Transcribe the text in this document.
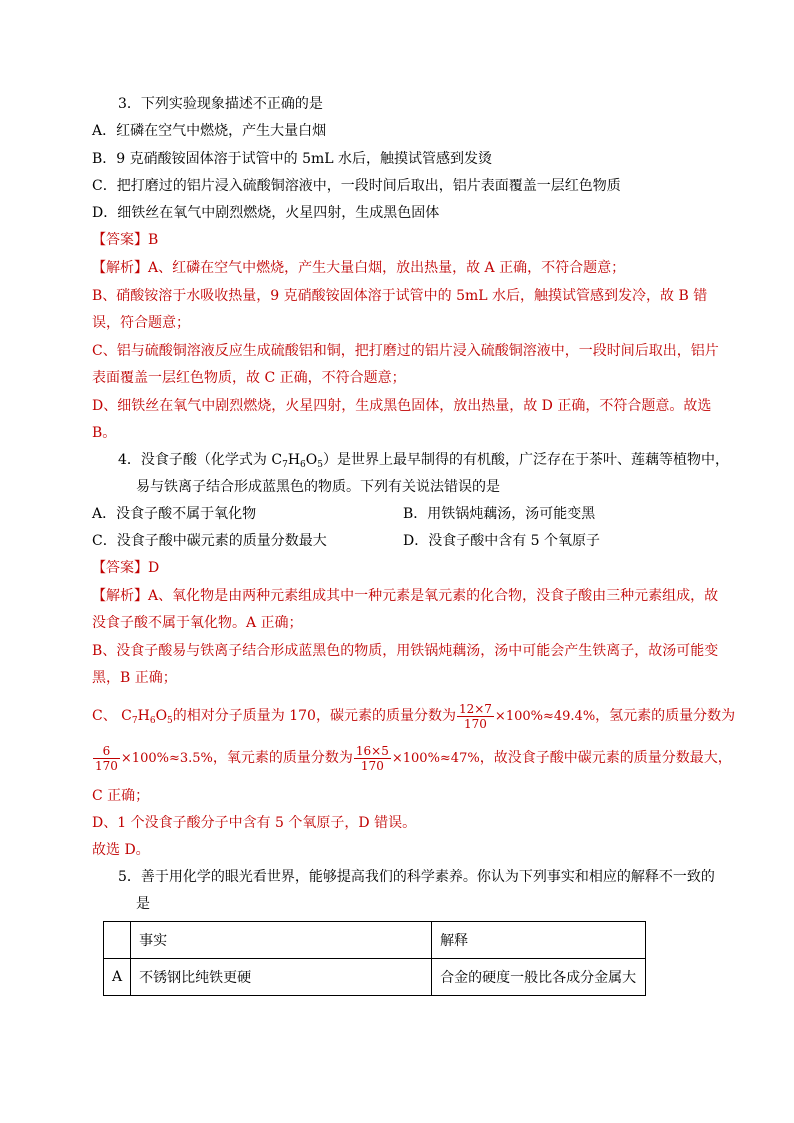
3．下列实验现象描述不正确的是
A．红磷在空气中燃烧，产生大量白烟
B．9 克硝酸铵固体溶于试管中的 5mL 水后，触摸试管感到发烫
C．把打磨过的铝片浸入硫酸铜溶液中，一段时间后取出，铝片表面覆盖一层红色物质
D．细铁丝在氧气中剧烈燃烧，火星四射，生成黑色固体
【答案】B
【解析】A、红磷在空气中燃烧，产生大量白烟，放出热量，故 A 正确，不符合题意；
B、硝酸铵溶于水吸收热量，9 克硝酸铵固体溶于试管中的 5mL 水后，触摸试管感到发冷，故 B 错
误，符合题意；
C、铝与硫酸铜溶液反应生成硫酸铝和铜，把打磨过的铝片浸入硫酸铜溶液中，一段时间后取出，铝片
表面覆盖一层红色物质，故 C 正确，不符合题意；
D、细铁丝在氧气中剧烈燃烧，火星四射，生成黑色固体，放出热量，故 D 正确，不符合题意。故选
B。
4．没食子酸（化学式为 $C_7H_6O_5$）是世界上最早制得的有机酸，广泛存在于茶叶、莲藕等植物中，
易与铁离子结合形成蓝黑色的物质。下列有关说法错误的是
A．没食子酸不属于氧化物	B．用铁锅炖藕汤，汤可能变黑
C．没食子酸中碳元素的质量分数最大	D．没食子酸中含有 5 个氧原子
【答案】D
【解析】A、氧化物是由两种元素组成其中一种元素是氧元素的化合物，没食子酸由三种元素组成，故
没食子酸不属于氧化物。A 正确；
B、没食子酸易与铁离子结合形成蓝黑色的物质，用铁锅炖藕汤，汤中可能会产生铁离子，故汤可能变
黑，B 正确；
C、 $C_7H_6O_5$的相对分子质量为 170，碳元素的质量分数为 $\frac{12\times 7}{170} \times 100\%\approx 49.4\%$，氢元素的质量分数为
$\frac{6}{170} \times 100\%\approx 3.5\%$，氧元素的质量分数为 $\frac{16\times 5}{170} \times 100\%\approx 47\%$，故没食子酸中碳元素的质量分数最大，
C 正确；
D、1 个没食子酸分子中含有 5 个氧原子，D 错误。
故选 D。
5．善于用化学的眼光看世界，能够提高我们的科学素养。你认为下列事实和相应的解释不一致的
是
	事实	解释
A	不锈钢比纯铁更硬	合金的硬度一般比各成分金属大
